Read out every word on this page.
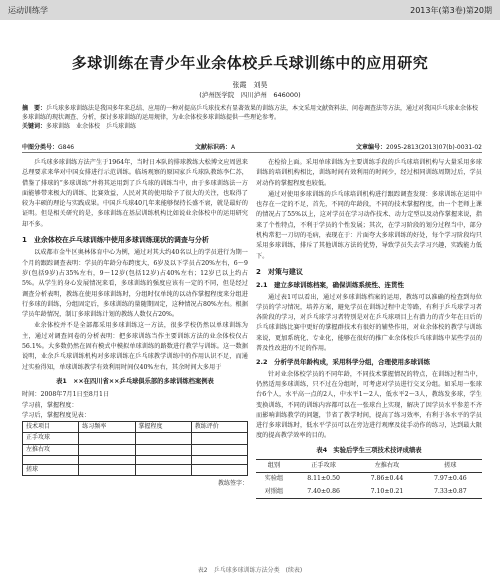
运动训练学	2013年(第3卷)第20期
多球训练在青少年业余体校乒乓球训练中的应用研究
张霞　刘昊
(泸州医学院　四川泸州　646000)
摘　要：乒乓球多球训练法是我国多年来总结、应用的一种对提高乒乓球技术有显著效果的训练方法，本文采用文献资料法、问卷调查法等方法，通过对我国乒乓球业余体校多球训练的现状调查、分析，探讨多球训练的运用规律，为业余体校多球训练提供一些理论参考。
关键词：多球训练　业余体校　乒乓球训练
中图分类号：G846	文献标识码：A	文章编号：2095-2813(2013)07(b)-0031-02

乒乓球多球训练方法产生于1964年，当时日本队的排球教练大松博文应周恩来总理要求来华对中国女排进行示范训练。临场观察的原国家乒乓球队教练李仁苏，借鉴了排球的“多球训练”并将其运用到了乒乓球的训练当中，由于多球训练法一方面能够带来极大的训练、比赛效益，人民对其的使用给予了很大的关注，也取得了较为丰硕的理论与实践成果。中国乒乓球40几年来能够保持长盛不衰，就是最好的证明。但是相关研究的是，多球训练在基层训练机构比如说业余体校中的运用研究却不多。

1　业余体校在乒乓球训练中使用多球训练现状的调查与分析

以成都市金牛区奥林体育中心为例，通过对其大约40名以上的学员进行为期一个月的跟踪调查表明：学员的年龄分布跨度大，6岁及以下学员占20%左右，6～9岁(包括9岁)占35%左右，9～12岁(包括12岁)占40%左右；12岁已以上约占5%。从学生的身心发展情况来看，多球训练的强度应该有一定的不同，但是经过调查分析表明，教练在使用多球训练时，分组时仅单纯的以动作掌握程度来分组进行多球的训练，分组固定后，多球训练的量随期固定，这种情况占80%左右。根据学员年龄情况，制订多球训练计划的教练人数仅占20%。

业余体校并不是全部都采用多球训练这一方法，很多学校仍然以单球训练为主，通过对调查问卷的分析表明：把多球训练当作主要训练方法的业余体校仅占56.1%。大多数仍然在固有模式中模拟单球训练的路数进行教学与训练。这一数据说明，业余乒乓球训练机构对多球训练在乒乓球教学训练中的作用认识不足，而通过实验得知，单球训练教学有效利用时间仅40%左右，其余时间大多用于

表1　××在四川省××乒乓球俱乐部的多球训练档案例表
时间：2008年7月1日至8月1日
学习前，掌握程度：
学习后，掌握程度见表：
技术项目	练习频率	掌握程度	教练评价
正手攻球			
左推右攻			

搓球			
教练签字：

在检拾上面。采用单球训练为主要训练手段的乒乓球培训机构与大量采用多球训练的培训机构相比，训练时间有效利用的时间少，经过相同训练周期过后，学员对动作的掌握程度也较低。

通过对使用多球训练的乒乓球培训机构进行跟踪调查发现：多球训练在运用中也存在一定的不足，首先，不同的年龄段，不同的技术掌握程度，由一个老师上课的情况占了55%以上，这对学员在学习动作技术、动力定型以及动作掌握来说，指来了个性特点，不利于学员的个性发展；其次，在学习阶段的划分过程当中，部分机构常犯一刀切的毛病，表现在于：片面夸大多球训练的好处，每个学习阶段均只采用多球训练，排斥了其他训练方法的优势，导致学员失去学习兴趣，实践能力低下。

2　对策与建议
2.1　建立多球训练档案，确保训练系统性、连贯性

通过表1可以看出，通过对多球训练档案的运用，教练可以准确的检查到每位学员的学习情况，培养方案，避免学员在训练过程中走等路，有利于乒乓球学习者各阶段的学习，对乒乓球学习者特别是对在乒乓球项目上有潜力的青少年在日后的乒乓球训练比赛中更好的掌握群技术有很好的辅垫作用，对业余体校的教学与训练来说，更加系统化、专业化，能够在很好的推广业余体校乒乓球训练中某些学员的普及性改进的不足的作用。

2.2　分析学员年龄构成，采用科学分组，合理使用多球训练

针对业余体校学员的不同年龄，不同技术掌握情况的特点，在训练过程当中，仍然适用多球训练，只不过在分组时，可考虑对学员进行交叉分组。如采用一张球台6个人，水平高一点的2人，中水平1～2人，低水平2～3人，教练发多球，学生变换训练，不同的训练内容都可以在一张球台上实现，解决了因学员水平参差不齐而影响训练教学的问题，节省了教学时间，提高了练习效率，有利于各水平的学员进行多球训练时，低水平学员可以在旁边进行观摩及徒手动作的练习，达到最大限度的提高教学效率的目的。

表4　实验后学生三项技术技评成绩表
组别	正手攻球	左推右攻	搓球
实验组	8.11±0.50	7.86±0.44	7.97±0.46
对照组	7.40±0.86	7.10±0.21	7.33±0.87
表2　乒乓球多球训练方法分类　(续表)
